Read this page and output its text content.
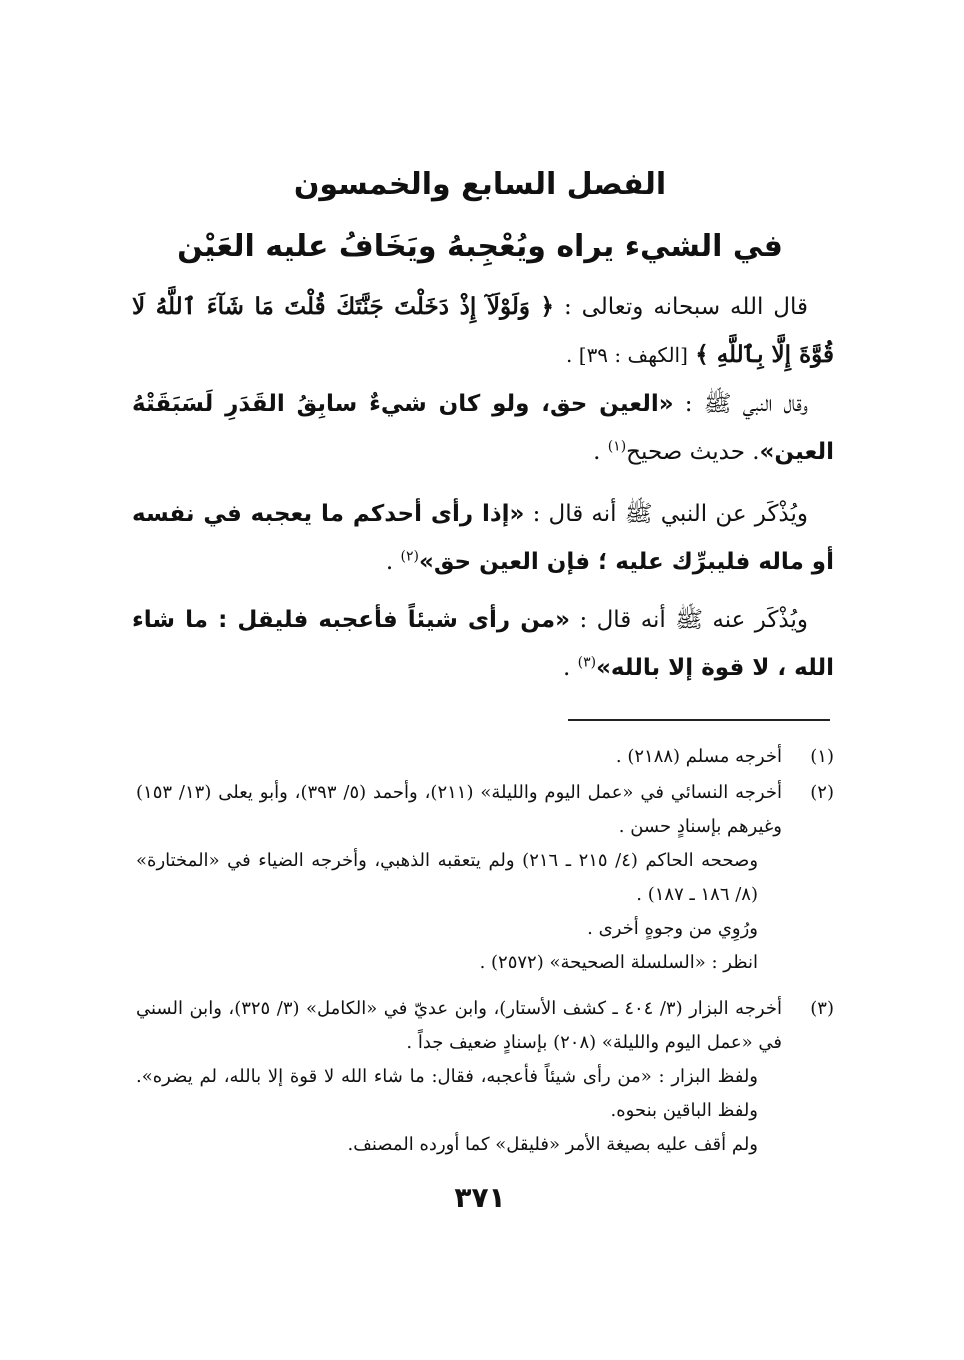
الفصل السابع والخمسون
في الشيء يراه ويُعْجِبهُ ويَخَافُ عليه العَيْن

قال الله سبحانه وتعالى : ﴿ وَلَوْلَآ إِذْ دَخَلْتَ جَنَّتَكَ قُلْتَ مَا شَآءَ ٱللَّهُ لَا قُوَّةَ إِلَّا بِٱللَّهِ ﴾ [الكهف : ٣٩] .

وقال النبي ﷺ : «العين حق، ولو كان شيءٌ سابِقُ القَدَرِ لَسَبَقَتْهُ العين». حديث صحيح$^{(١)}$ .

ويُذْكَر عن النبي ﷺ أنه قال : «إذا رأى أحدكم ما يعجبه في نفسه أو ماله فليبرِّك عليه ؛ فإن العين حق»$^{(٢)}$ .

ويُذْكَر عنه ﷺ أنه قال : «من رأى شيئاً فأعجبه فليقل : ما شاء الله ، لا قوة إلا بالله»$^{(٣)}$ .

(١)

أخرجه مسلم (٢١٨٨) .

(٢)

أخرجه النسائي في «عمل اليوم والليلة» (٢١١)، وأحمد (٥/ ٣٩٣)، وأبو يعلى (١٣/ ١٥٣) وغيرهم بإسنادٍ حسن .

وصححه الحاكم (٤/ ٢١٥ ـ ٢١٦) ولم يتعقبه الذهبي، وأخرجه الضياء في «المختارة» (٨/ ١٨٦ ـ ١٨٧) .

ورُوِي من وجوهٍ أخرى .

انظر : «السلسلة الصحيحة» (٢٥٧٢) .

(٣)

أخرجه البزار (٣/ ٤٠٤ ـ كشف الأستار)، وابن عديّ في «الكامل» (٣/ ٣٢٥)، وابن السني في «عمل اليوم والليلة» (٢٠٨) بإسنادٍ ضعيف جداً .

ولفظ البزار : «من رأى شيئاً فأعجبه، فقال: ما شاء الله لا قوة إلا بالله، لم يضره». ولفظ الباقين بنحوه.

ولم أقف عليه بصيغة الأمر «فليقل» كما أورده المصنف.

٣٧١
